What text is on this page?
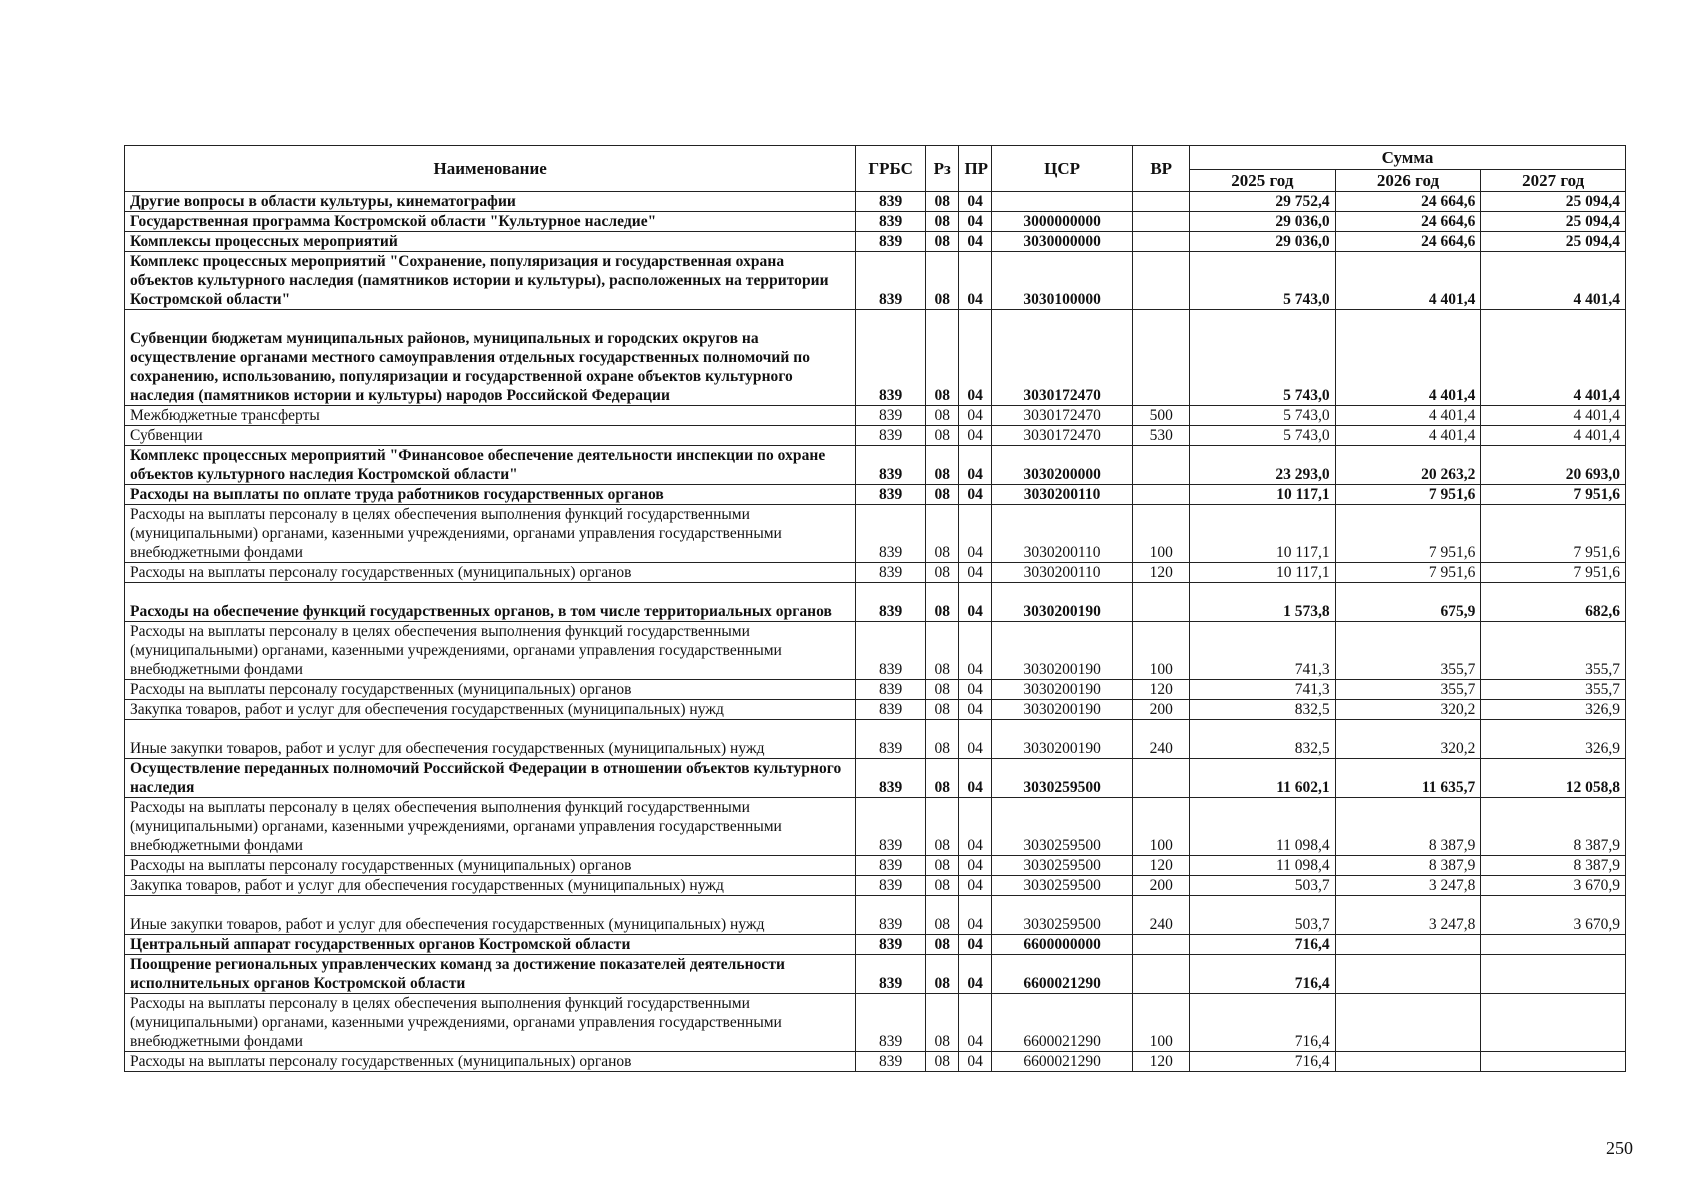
Наименование	ГРБС	Рз	ПР	ЦСР	ВР	Сумма		
						2025 год	2026 год	2027 год
Другие вопросы в области культуры, кинематографии	839	08	04			29 752,4	24 664,6	25 094,4
Государственная программа Костромской области "Культурное наследие"	839	08	04	3000000000		29 036,0	24 664,6	25 094,4
Комплексы процессных мероприятий	839	08	04	3030000000		29 036,0	24 664,6	25 094,4
Комплекс процессных мероприятий "Сохранение, популяризация и государственная охрана объектов культурного наследия (памятников истории и культуры), расположенных на территории Костромской области"	839	08	04	3030100000		5 743,0	4 401,4	4 401,4
Субвенции бюджетам муниципальных районов, муниципальных и городских округов на осуществление органами местного самоуправления отдельных государственных полномочий по сохранению, использованию, популяризации и государственной охране объектов культурного наследия (памятников истории и культуры) народов Российской Федерации	839	08	04	3030172470		5 743,0	4 401,4	4 401,4
Межбюджетные трансферты	839	08	04	3030172470	500	5 743,0	4 401,4	4 401,4
Субвенции	839	08	04	3030172470	530	5 743,0	4 401,4	4 401,4
Комплекс процессных мероприятий "Финансовое обеспечение деятельности инспекции по охране объектов культурного наследия Костромской области"	839	08	04	3030200000		23 293,0	20 263,2	20 693,0
Расходы на выплаты по оплате труда работников государственных органов	839	08	04	3030200110		10 117,1	7 951,6	7 951,6
Расходы на выплаты персоналу в целях обеспечения выполнения функций государственными (муниципальными) органами, казенными учреждениями, органами управления государственными внебюджетными фондами	839	08	04	3030200110	100	10 117,1	7 951,6	7 951,6
Расходы на выплаты персоналу государственных (муниципальных) органов	839	08	04	3030200110	120	10 117,1	7 951,6	7 951,6
Расходы на обеспечение функций государственных органов, в том числе территориальных органов	839	08	04	3030200190		1 573,8	675,9	682,6
Расходы на выплаты персоналу в целях обеспечения выполнения функций государственными (муниципальными) органами, казенными учреждениями, органами управления государственными внебюджетными фондами	839	08	04	3030200190	100	741,3	355,7	355,7
Расходы на выплаты персоналу государственных (муниципальных) органов	839	08	04	3030200190	120	741,3	355,7	355,7
Закупка товаров, работ и услуг для обеспечения государственных (муниципальных) нужд	839	08	04	3030200190	200	832,5	320,2	326,9
Иные закупки товаров, работ и услуг для обеспечения государственных (муниципальных) нужд	839	08	04	3030200190	240	832,5	320,2	326,9
Осуществление переданных полномочий Российской Федерации в отношении объектов культурного наследия	839	08	04	3030259500		11 602,1	11 635,7	12 058,8
Расходы на выплаты персоналу в целях обеспечения выполнения функций государственными (муниципальными) органами, казенными учреждениями, органами управления государственными внебюджетными фондами	839	08	04	3030259500	100	11 098,4	8 387,9	8 387,9
Расходы на выплаты персоналу государственных (муниципальных) органов	839	08	04	3030259500	120	11 098,4	8 387,9	8 387,9
Закупка товаров, работ и услуг для обеспечения государственных (муниципальных) нужд	839	08	04	3030259500	200	503,7	3 247,8	3 670,9
Иные закупки товаров, работ и услуг для обеспечения государственных (муниципальных) нужд	839	08	04	3030259500	240	503,7	3 247,8	3 670,9
Центральный аппарат государственных органов Костромской области	839	08	04	6600000000		716,4		
Поощрение региональных управленческих команд за достижение показателей деятельности исполнительных органов Костромской области	839	08	04	6600021290		716,4		
Расходы на выплаты персоналу в целях обеспечения выполнения функций государственными (муниципальными) органами, казенными учреждениями, органами управления государственными внебюджетными фондами	839	08	04	6600021290	100	716,4		
Расходы на выплаты персоналу государственных (муниципальных) органов	839	08	04	6600021290	120	716,4		
250
